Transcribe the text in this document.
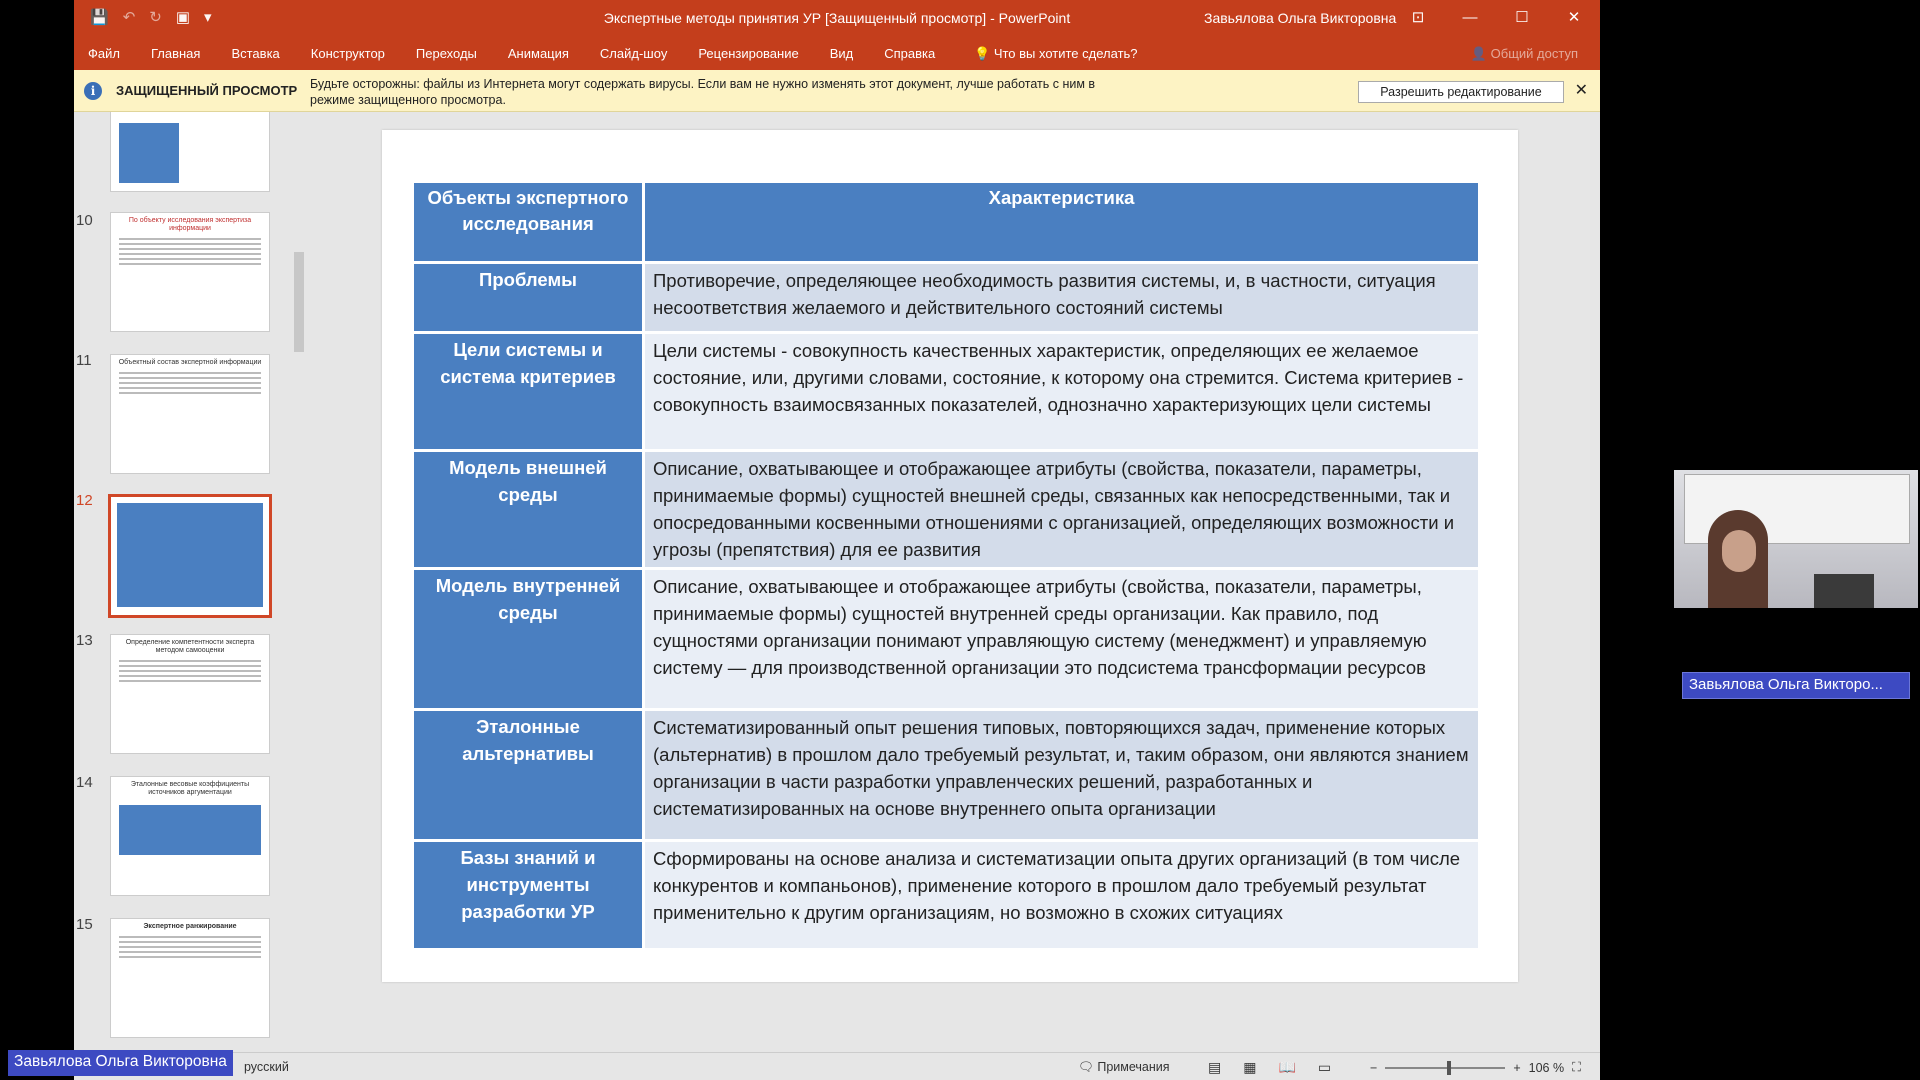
💾 ↶ ↻ ▣ ▾	Экспертные методы принятия УР [Защищенный просмотр] - PowerPoint	Завьялова Ольга Викторовна	⊡	—	☐	✕
Файл Главная Вставка Конструктор Переходы Анимация Слайд-шоу Рецензирование Вид Справка	💡 Что вы хотите сделать?	👤 Общий доступ
i	ЗАЩИЩЕННЫЙ ПРОСМОТР Будьте осторожны: файлы из Интернета могут содержать вирусы. Если вам не нужно изменять этот документ, лучше работать с ним в режиме защищенного просмотра.
Разрешить редактирование	✕
10	По объекту исследования экспертиза информации
11	Объектный состав экспертной информации
12
13	Определение компетентности эксперта методом самооценки
14	Эталонные весовые коэффициенты источников аргументации
15	Экспертное ранжирование
Объекты экспертного исследования	Характеристика
Проблемы	Противоречие, определяющее необходимость развития системы, и, в частности, ситуация несоответствия желаемого и действительного состояний системы
Цели системы и система критериев	Цели системы - совокупность качественных характеристик, определяющих ее желаемое состояние, или, другими словами, состояние, к которому она стремится. Система критериев - совокупность взаимосвязанных показателей, однозначно характеризующих цели системы
Модель внешней среды	Описание, охватывающее и отображающее атрибуты (свойства, показатели, параметры, принимаемые формы) сущностей внешней среды, связанных как непосредственными, так и опосредованными косвенными отношениями с организацией, определяющих возможности и угрозы (препятствия) для ее развития
Модель внутренней среды	Описание, охватывающее и отображающее атрибуты (свойства, показатели, параметры, принимаемые формы) сущностей внутренней среды организации. Как правило, под сущностями организации понимают управляющую систему (менеджмент) и управляемую систему — для производственной организации это подсистема трансформации ресурсов
Эталонные альтернативы	Систематизированный опыт решения типовых, повторяющихся задач, применение которых (альтернатив) в прошлом дало требуемый результат, и, таким образом, они являются знанием организации в части разработки управленческих решений, разработанных и систематизированных на основе внутреннего опыта организации
Базы знаний и инструменты разработки УР	Сформированы на основе анализа и систематизации опыта других организаций (в том числе конкурентов и компаньонов), применение которого в прошлом дало требуемый результат применительно к другим организациям, но возможно в схожих ситуациях
русский	🗨 Примечания	▤ ▦ 📖 ▭	−	+ 106 % ⛶
Завьялова Ольга Викторо...
Завьялова Ольга Викторовна
